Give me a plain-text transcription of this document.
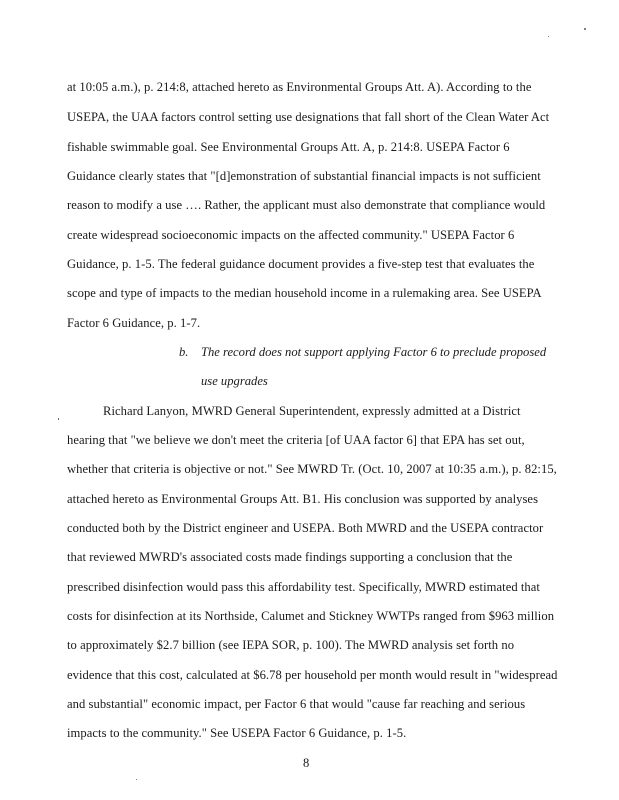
at 10:05 a.m.), p. 214:8, attached hereto as Environmental Groups Att. A). According to the
USEPA, the UAA factors control setting use designations that fall short of the Clean Water Act
fishable swimmable goal. See Environmental Groups Att. A, p. 214:8. USEPA Factor 6
Guidance clearly states that "[d]emonstration of substantial financial impacts is not sufficient
reason to modify a use …. Rather, the applicant must also demonstrate that compliance would
create widespread socioeconomic impacts on the affected community." USEPA Factor 6
Guidance, p. 1-5. The federal guidance document provides a five-step test that evaluates the
scope and type of impacts to the median household income in a rulemaking area. See USEPA
Factor 6 Guidance, p. 1-7.
b. The record does not support applying Factor 6 to preclude proposed
use upgrades
Richard Lanyon, MWRD General Superintendent, expressly admitted at a District
hearing that "we believe we don't meet the criteria [of UAA factor 6] that EPA has set out,
whether that criteria is objective or not." See MWRD Tr. (Oct. 10, 2007 at 10:35 a.m.), p. 82:15,
attached hereto as Environmental Groups Att. B1. His conclusion was supported by analyses
conducted both by the District engineer and USEPA. Both MWRD and the USEPA contractor
that reviewed MWRD's associated costs made findings supporting a conclusion that the
prescribed disinfection would pass this affordability test. Specifically, MWRD estimated that
costs for disinfection at its Northside, Calumet and Stickney WWTPs ranged from $963 million
to approximately $2.7 billion (see IEPA SOR, p. 100). The MWRD analysis set forth no
evidence that this cost, calculated at $6.78 per household per month would result in "widespread
and substantial" economic impact, per Factor 6 that would "cause far reaching and serious
impacts to the community." See USEPA Factor 6 Guidance, p. 1-5.
8
